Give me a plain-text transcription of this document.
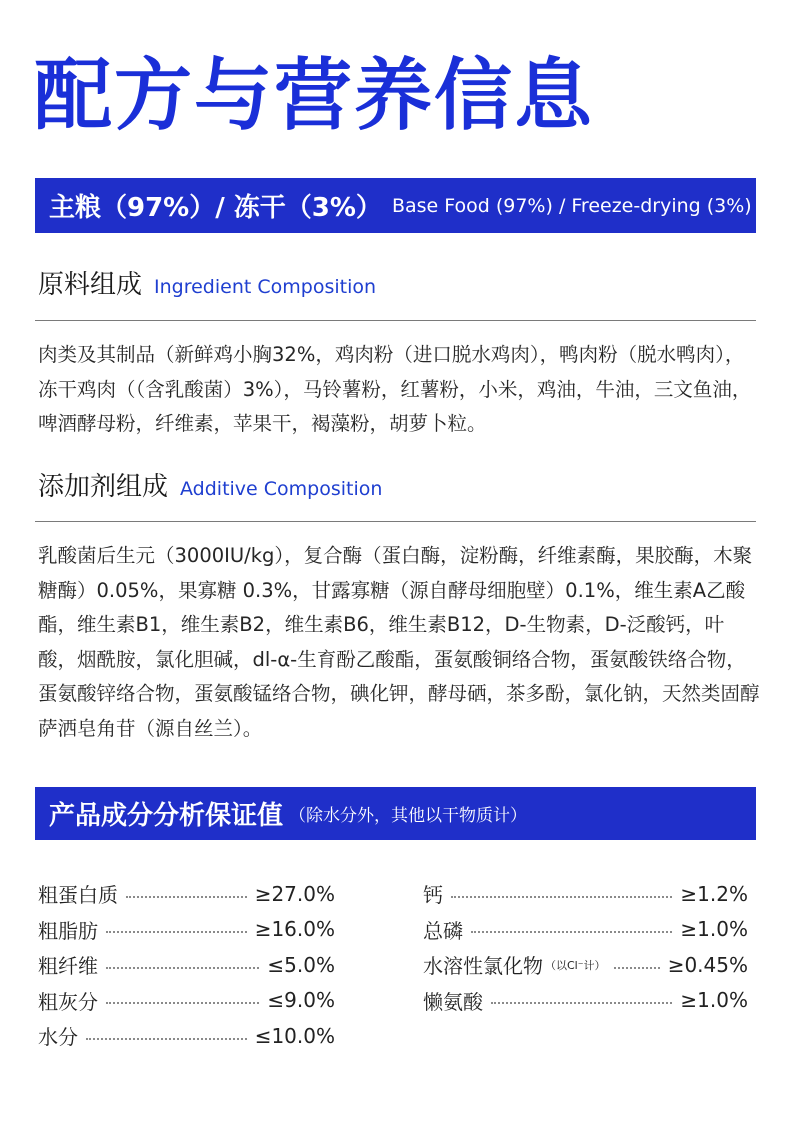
配方与营养信息
主粮（97%）/ 冻干（3%） Base Food (97%) / Freeze-drying (3%)
原料组成 Ingredient Composition

肉类及其制品（新鲜鸡小胸32%，鸡肉粉（进口脱水鸡肉），鸭肉粉（脱水鸭肉），冻干鸡肉（（含乳酸菌）3%），马铃薯粉，红薯粉，小米，鸡油，牛油，三文鱼油，啤酒酵母粉，纤维素，苹果干，褐藻粉，胡萝卜粒。

添加剂组成 Additive Composition

乳酸菌后生元（3000IU/kg），复合酶（蛋白酶，淀粉酶，纤维素酶，果胶酶，木聚糖酶）0.05%，果寡糖 0.3%，甘露寡糖（源自酵母细胞壁）0.1%，维生素A乙酸酯，维生素B1，维生素B2，维生素B6，维生素B12，D-生物素，D-泛酸钙，叶酸，烟酰胺，氯化胆碱，dl-α-生育酚乙酸酯，蛋氨酸铜络合物，蛋氨酸铁络合物，蛋氨酸锌络合物，蛋氨酸锰络合物，碘化钾，酵母硒，茶多酚，氯化钠，天然类固醇萨洒皂角苷（源自丝兰）。

产品成分分析保证值 （除水分外，其他以干物质计）
粗蛋白质	≥27.0%
粗脂肪	≥16.0%
粗纤维	≤5.0%
粗灰分	≤9.0%
水分	≤10.0%
钙	≥1.2%
总磷	≥1.0%
水溶性氯化物 （以Cl⁻计）	≥0.45%
懒氨酸	≥1.0%
